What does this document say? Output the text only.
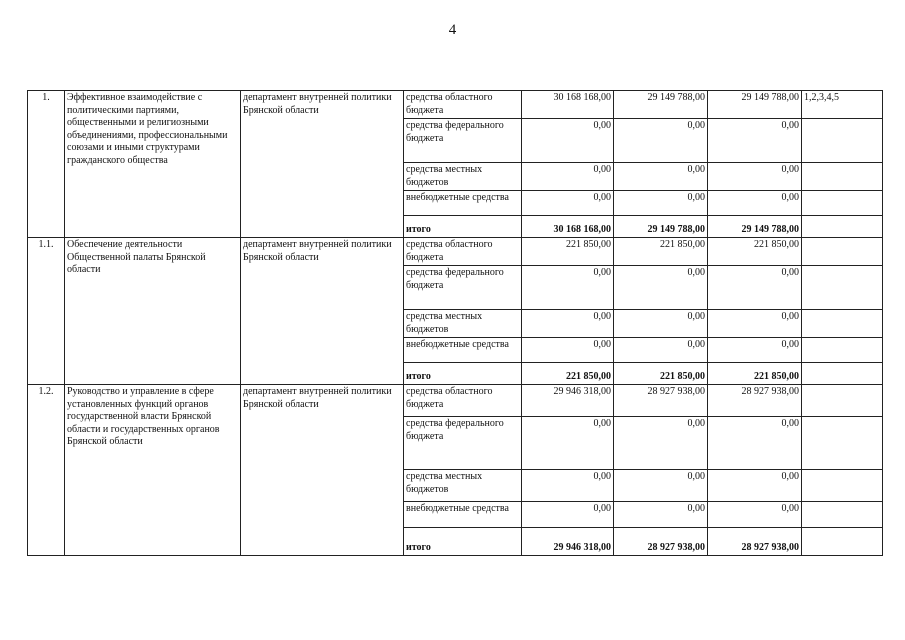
4
1.	Эффективное взаимодействие с политическими партиями, общественными и религиозными объединениями, профессиональными союзами и иными структурами гражданского общества	департамент внутренней политики Брянской области	средства областного бюджета	30 168 168,00	29 149 788,00	29 149 788,00	1,2,3,4,5
			средства федерального бюджета	0,00	0,00	0,00	
			средства местных бюджетов	0,00	0,00	0,00	
			внебюджетные средства	0,00	0,00	0,00	
			итого	30 168 168,00	29 149 788,00	29 149 788,00	
1.1.	Обеспечение деятельности Общественной палаты Брянской области	департамент внутренней политики Брянской области	средства областного бюджета	221 850,00	221 850,00	221 850,00	
			средства федерального бюджета	0,00	0,00	0,00	
			средства местных бюджетов	0,00	0,00	0,00	
			внебюджетные средства	0,00	0,00	0,00	
			итого	221 850,00	221 850,00	221 850,00	
1.2.	Руководство и управление в сфере установленных функций органов государственной власти Брянской области и государственных органов Брянской области	департамент внутренней политики Брянской области	средства областного бюджета	29 946 318,00	28 927 938,00	28 927 938,00	
			средства федерального бюджета	0,00	0,00	0,00	
			средства местных бюджетов	0,00	0,00	0,00	
			внебюджетные средства	0,00	0,00	0,00	
			итого	29 946 318,00	28 927 938,00	28 927 938,00	
